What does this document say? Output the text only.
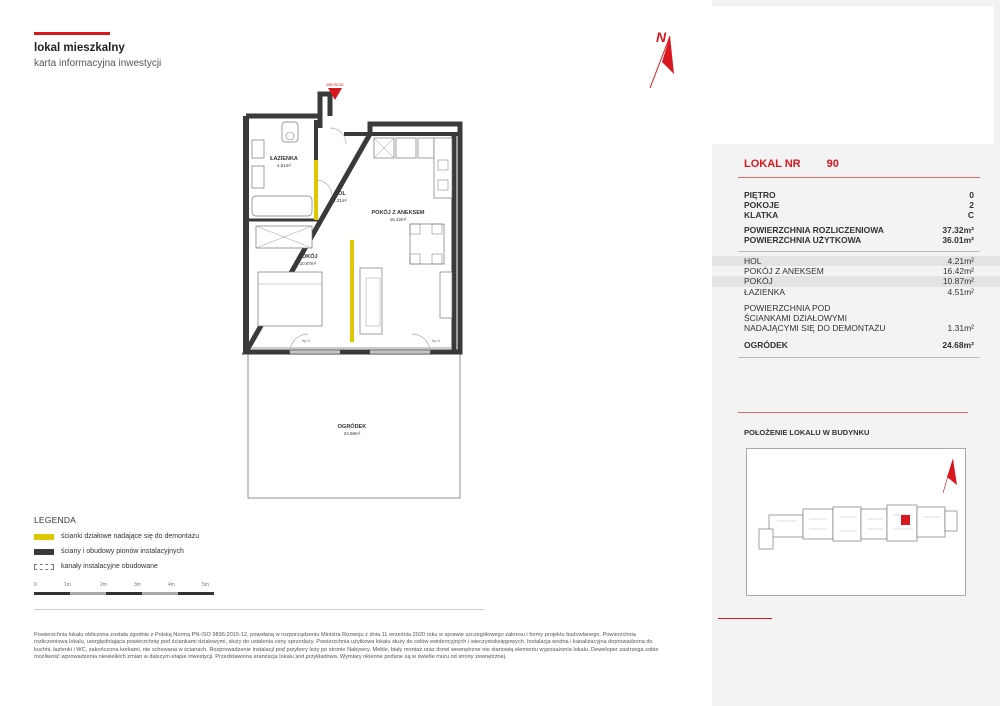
lokal mieszkalny
karta informacyjna inwestycji
N
WEJŚCIE
ŁAZIENKA
4.51m²
HOL
4.21m²
POKÓJ Z ANEKSEM
16.42m²
POKÓJ
10.87m²
OGRÓDEK
24.68m²
hp 0	hp 0
LEGENDA
ścianki działowe nadające się do demontażu
ściany i obudowy pionów instalacyjnych
kanały instalacyjne obudowane
0	1m	2m	3m	4m	5m
Powierzchnia lokalu obliczona została zgodnie z Polską Normą PN-ISO 9836:2015-12, powołaną w rozporządzeniu Ministra Rozwoju z dnia 11 września 2020 roku w sprawie szczegółowego zakresu i formy projektu budowlanego. Powierzchnia rozliczeniowa lokalu, uwzględniająca powierzchnię pod ściankami działowymi, służy do ustalenia ceny sprzedaży. Powierzchnia użytkowa lokalu służy do celów ewidencyjnych i wieczystoksięgowych. Instalacja wodna i kanalizacyjna doprowadzona do kuchni, łazienki i WC, zakończona korkami, nie schowana w ścianach. Rozprowadzenie instalacji pod przybory leży po stronie Nabywcy. Meble, biały montaż oraz drzwi wewnętrzne nie stanowią elementu wyposażenia lokalu. Deweloper zastrzega sobie możliwość wprowadzenia niewielkich zmian w dalszym etapie inwestycji. Przedstawiona aranżacja lokalu jest przykładowa. Wymiary okienne podane są w świetle muru od strony zewnętrznej.
LOKAL NR 90
PIĘTRO	0
POKOJE	2
KLATKA	C
POWIERZCHNIA ROZLICZENIOWA	37.32m²
POWIERZCHNIA UŻYTKOWA	36.01m²
HOL	4.21m²
POKÓJ Z ANEKSEM	16.42m²
POKÓJ	10.87m²
ŁAZIENKA	4.51m²
POWIERZCHNIA POD
ŚCIANKAMI DZIAŁOWYMI
NADAJĄCYMI SIĘ DO DEMONTAŻU	1.31m²
OGRÓDEK	24.68m²
POŁOŻENIE LOKALU W BUDYNKU
